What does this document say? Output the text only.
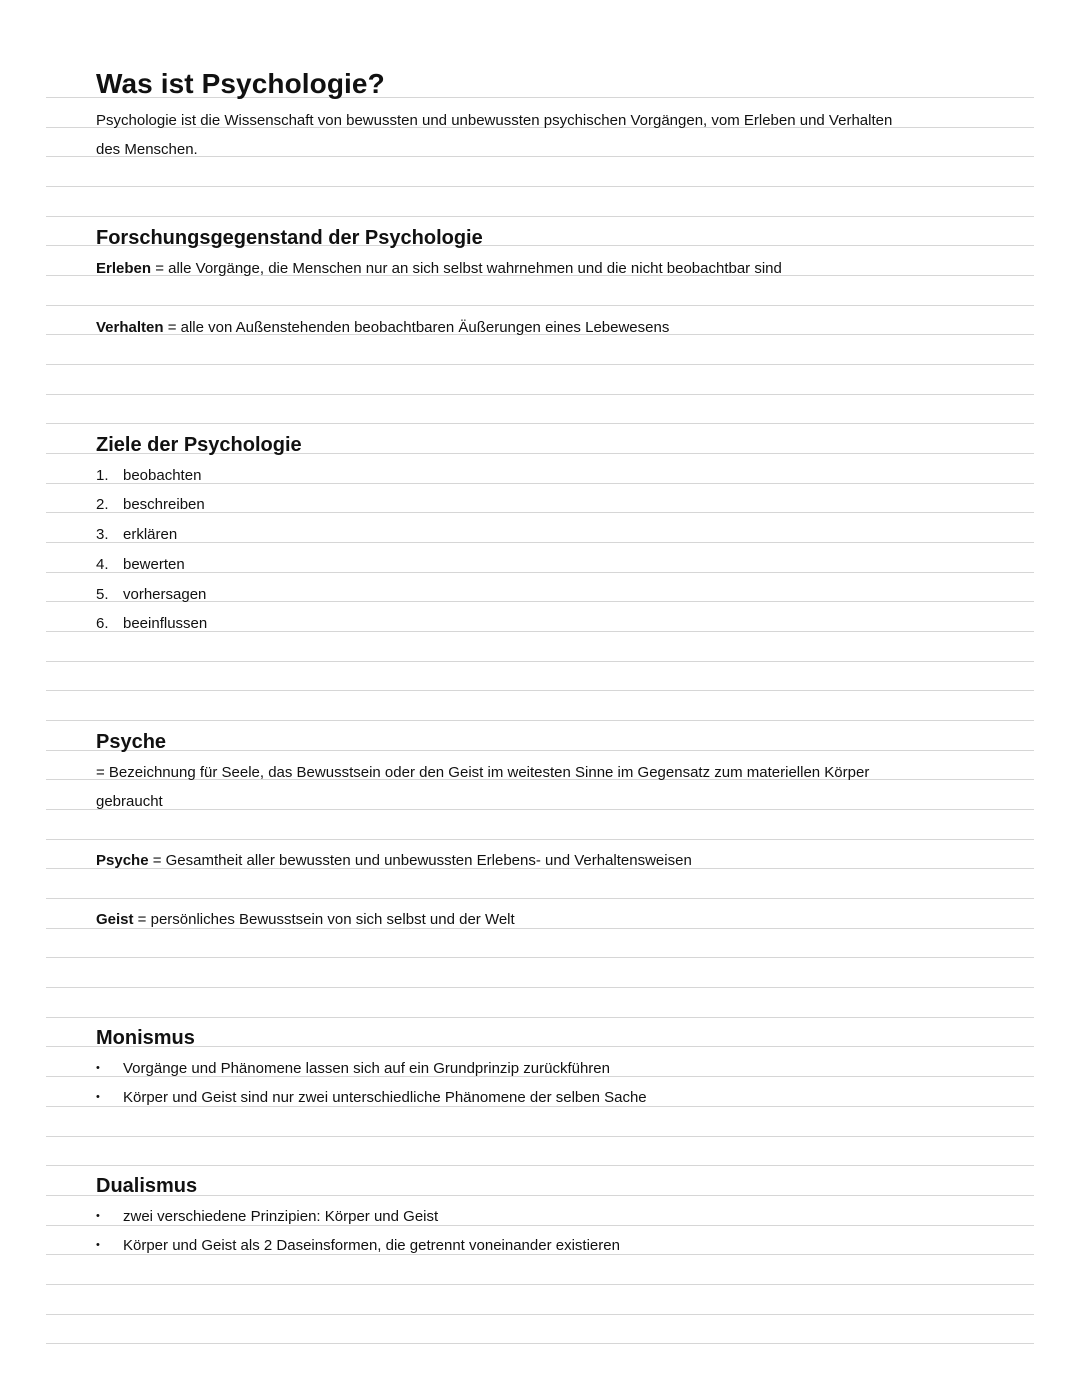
Was ist Psychologie?
Psychologie ist die Wissenschaft von bewussten und unbewussten psychischen Vorgängen, vom Erleben und Verhalten
des Menschen.
Forschungsgegenstand der Psychologie
Erleben = alle Vorgänge, die Menschen nur an sich selbst wahrnehmen und die nicht beobachtbar sind
Verhalten = alle von Außenstehenden beobachtbaren Äußerungen eines Lebewesens
Ziele der Psychologie
1. beobachten
2. beschreiben
3. erklären
4. bewerten
5. vorhersagen
6. beeinflussen
Psyche
= Bezeichnung für Seele, das Bewusstsein oder den Geist im weitesten Sinne im Gegensatz zum materiellen Körper
gebraucht
Psyche = Gesamtheit aller bewussten und unbewussten Erlebens- und Verhaltensweisen
Geist = persönliches Bewusstsein von sich selbst und der Welt
Monismus
• Vorgänge und Phänomene lassen sich auf ein Grundprinzip zurückführen
• Körper und Geist sind nur zwei unterschiedliche Phänomene der selben Sache
Dualismus
• zwei verschiedene Prinzipien: Körper und Geist
• Körper und Geist als 2 Daseinsformen, die getrennt voneinander existieren
